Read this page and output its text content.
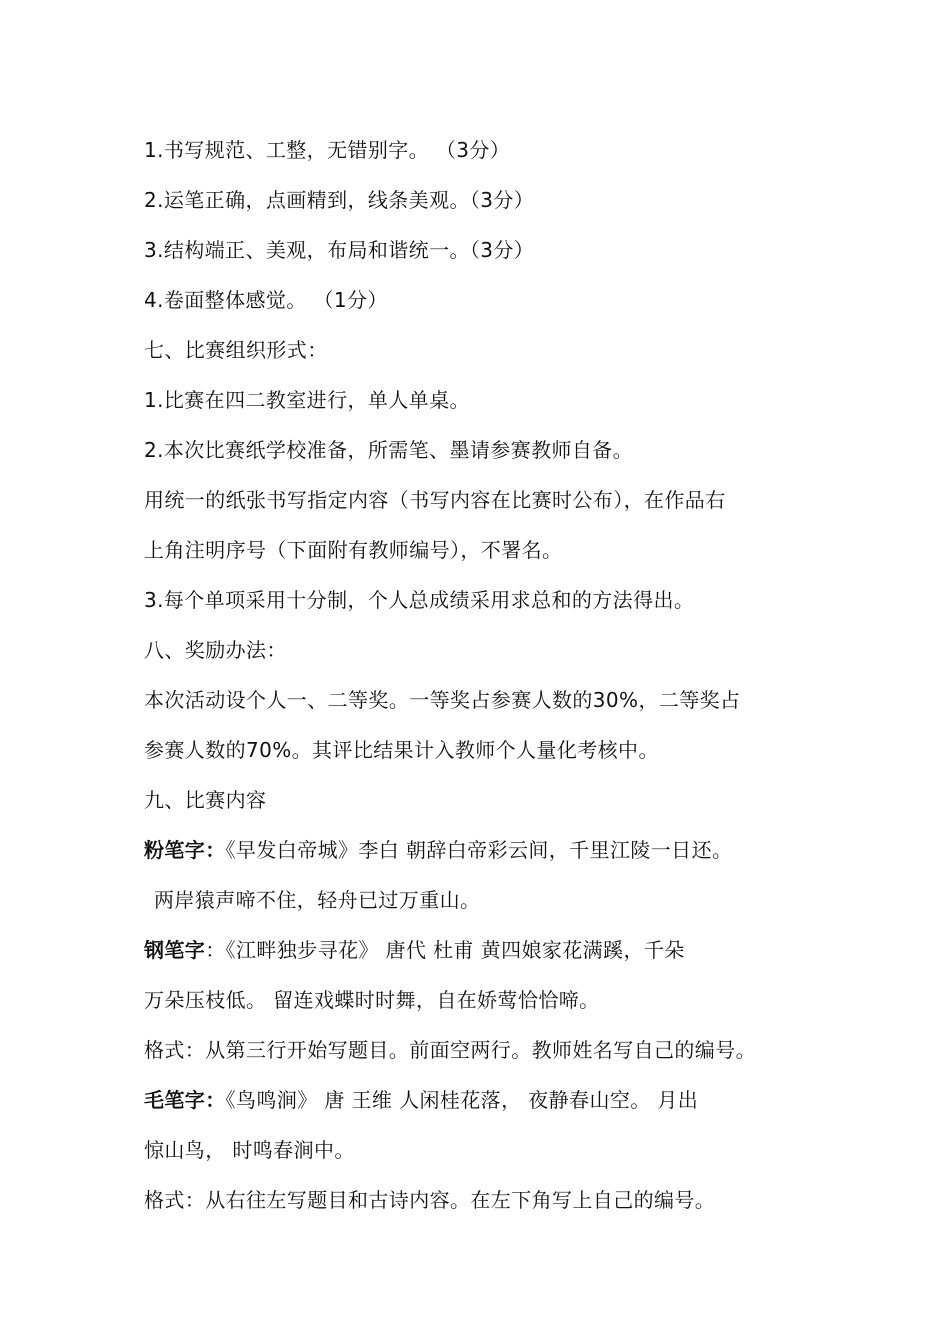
1.书写规范、工整，无错别字。 （3分）
2.运笔正确，点画精到，线条美观。（3分）
3.结构端正、美观，布局和谐统一。（3分）
4.卷面整体感觉。 （1分）
七、比赛组织形式：
1.比赛在四二教室进行，单人单桌。
2.本次比赛纸学校准备，所需笔、墨请参赛教师自备。
用统一的纸张书写指定内容（书写内容在比赛时公布），在作品右
上角注明序号（下面附有教师编号），不署名。
3.每个单项采用十分制，个人总成绩采用求总和的方法得出。
八、奖励办法：
本次活动设个人一、二等奖。一等奖占参赛人数的30%，二等奖占
参赛人数的70%。其评比结果计入教师个人量化考核中。
九、比赛内容
粉笔字：《早发白帝城》李白 朝辞白帝彩云间，千里江陵一日还。
两岸猿声啼不住，轻舟已过万重山。
钢笔字：《江畔独步寻花》 唐代 杜甫 黄四娘家花满蹊，千朵
万朵压枝低。 留连戏蝶时时舞，自在娇莺恰恰啼。
格式：从第三行开始写题目。前面空两行。教师姓名写自己的编号。
毛笔字：《鸟鸣涧》 唐 王维 人闲桂花落， 夜静春山空。 月出
惊山鸟， 时鸣春涧中。
格式：从右往左写题目和古诗内容。在左下角写上自己的编号。
